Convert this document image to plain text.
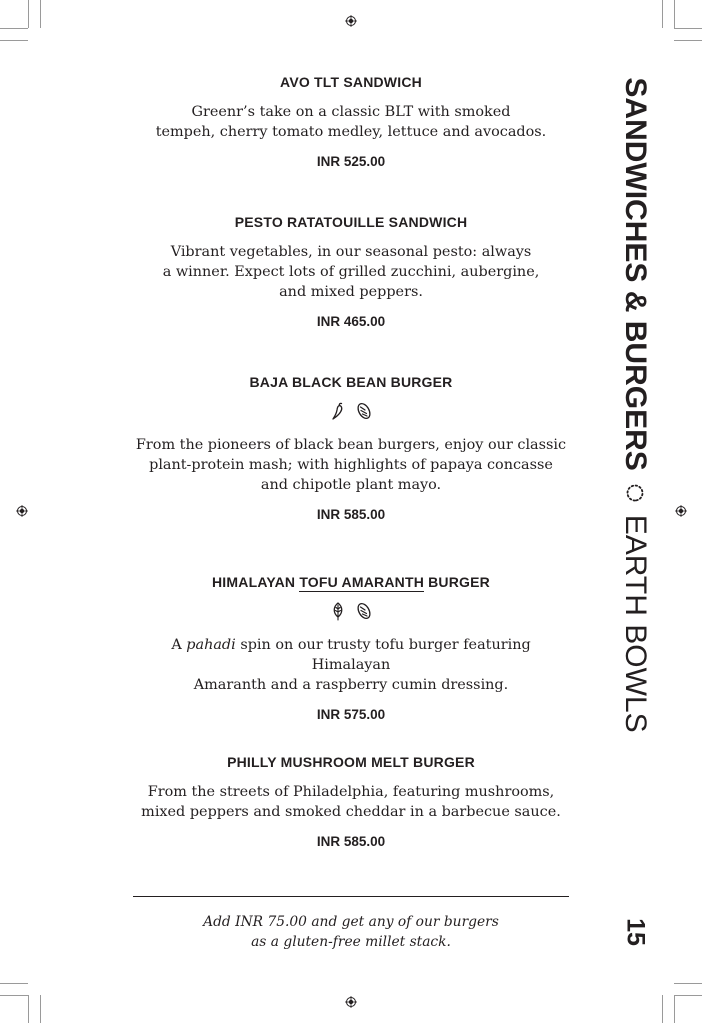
AVO TLT SANDWICH
Greenr’s take on a classic BLT with smoked
tempeh, cherry tomato medley, lettuce and avocados.
INR 525.00
PESTO RATATOUILLE SANDWICH
Vibrant vegetables, in our seasonal pesto: always
a winner. Expect lots of grilled zucchini, aubergine,
and mixed peppers.
INR 465.00
BAJA BLACK BEAN BURGER
From the pioneers of black bean burgers, enjoy our classic
plant-protein mash; with highlights of papaya concasse
and chipotle plant mayo.
INR 585.00
HIMALAYAN TOFU AMARANTH BURGER
A pahadi spin on our trusty tofu burger featuring Himalayan
Amaranth and a raspberry cumin dressing.
INR 575.00
PHILLY MUSHROOM MELT BURGER
From the streets of Philadelphia, featuring mushrooms,
mixed peppers and smoked cheddar in a barbecue sauce.
INR 585.00
Add INR 75.00 and get any of our burgers
as a gluten-free millet stack.
SANDWICHES & BURGERS
EARTH BOWLS
15
